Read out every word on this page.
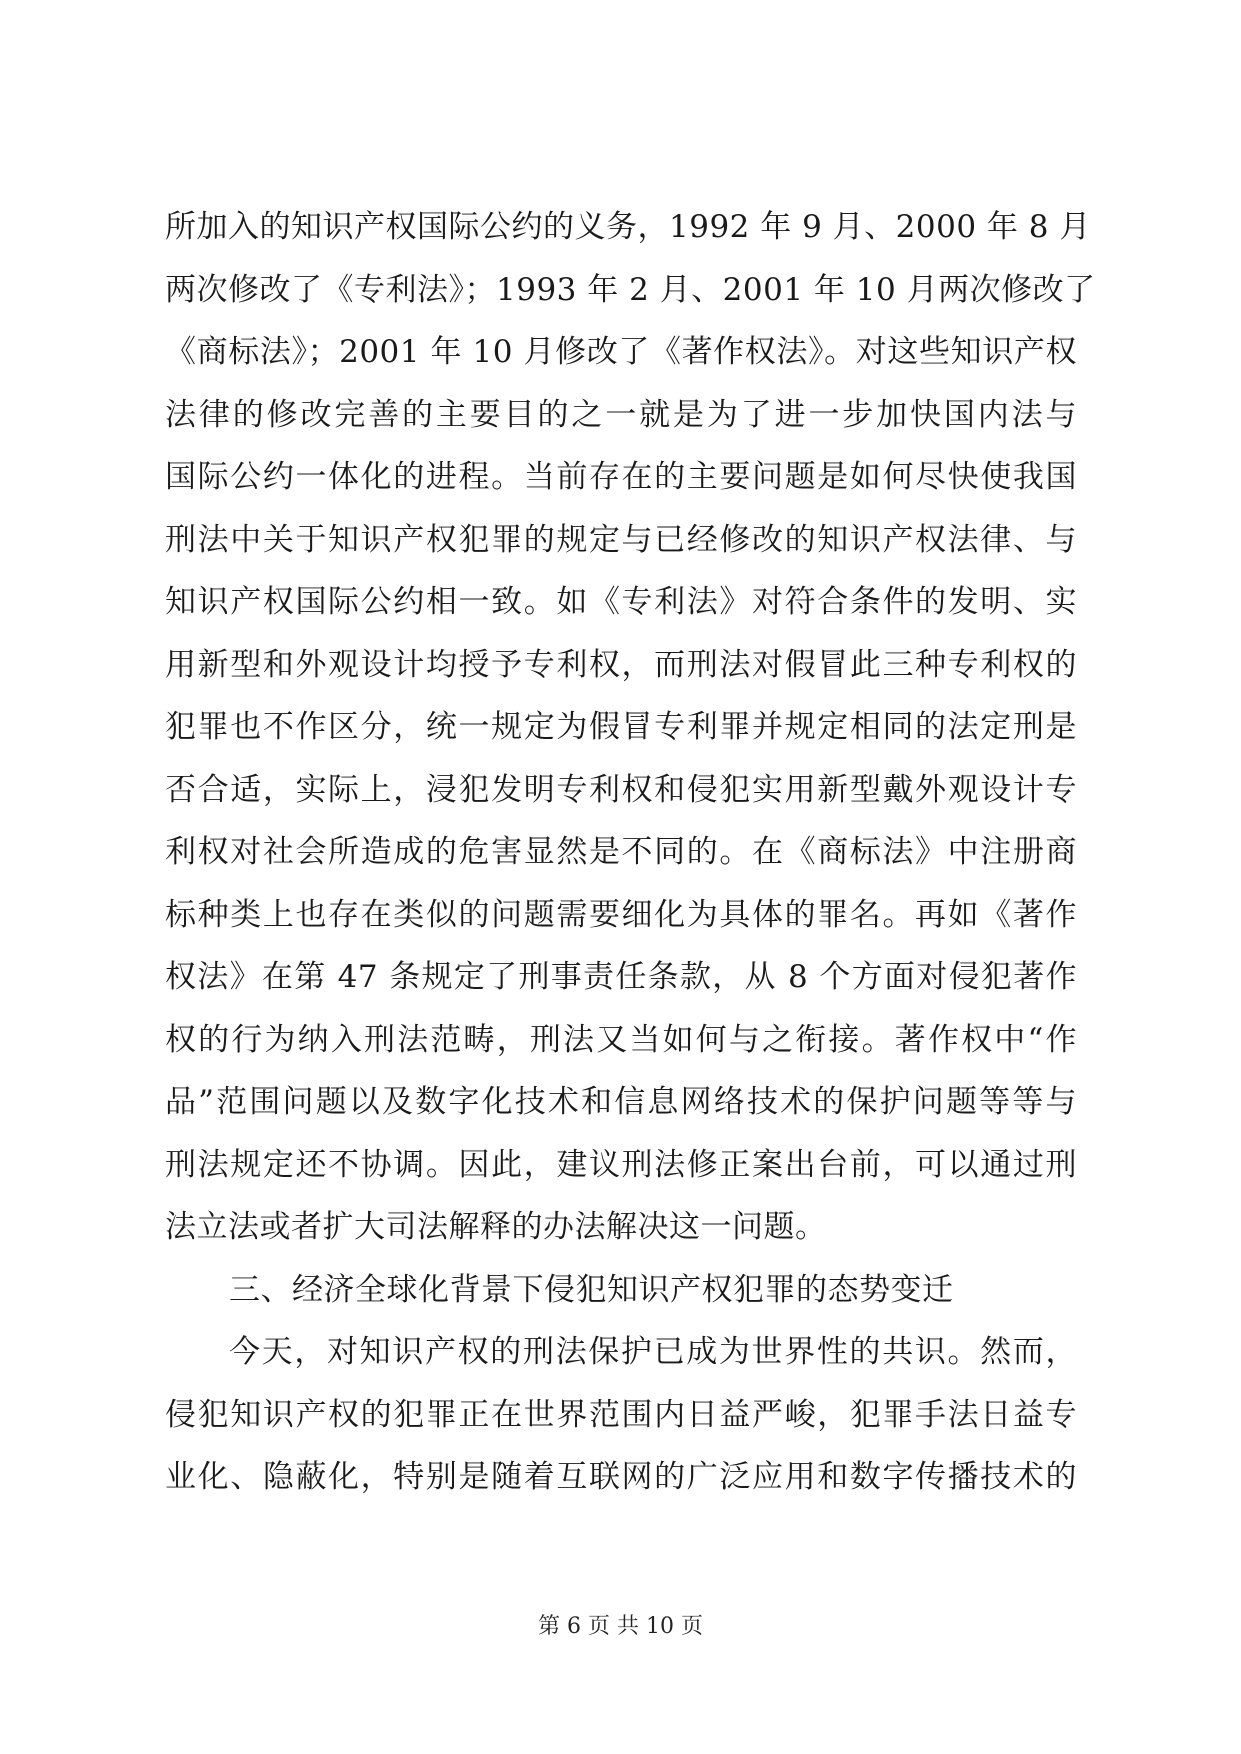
所加入的知识产权国际公约的义务，1992 年 9 月、2000 年 8 月
两次修改了《专利法》；1993 年 2 月、2001 年 10 月两次修改了
《商标法》；2001 年 10 月修改了《著作权法》。对这些知识产权
法律的修改完善的主要目的之一就是为了进一步加快国内法与
国际公约一体化的进程。当前存在的主要问题是如何尽快使我国
刑法中关于知识产权犯罪的规定与已经修改的知识产权法律、与
知识产权国际公约相一致。如《专利法》对符合条件的发明、实
用新型和外观设计均授予专利权，而刑法对假冒此三种专利权的
犯罪也不作区分，统一规定为假冒专利罪并规定相同的法定刑是
否合适，实际上，浸犯发明专利权和侵犯实用新型戴外观设计专
利权对社会所造成的危害显然是不同的。在《商标法》中注册商
标种类上也存在类似的问题需要细化为具体的罪名。再如《著作
权法》在第 47 条规定了刑事责任条款，从 8 个方面对侵犯著作
权的行为纳入刑法范畴，刑法又当如何与之衔接。著作权中“作
品”范围问题以及数字化技术和信息网络技术的保护问题等等与
刑法规定还不协调。因此，建议刑法修正案出台前，可以通过刑
法立法或者扩大司法解释的办法解决这一问题。
三、经济全球化背景下侵犯知识产权犯罪的态势变迁
今天，对知识产权的刑法保护已成为世界性的共识。然而，
侵犯知识产权的犯罪正在世界范围内日益严峻，犯罪手法日益专
业化、隐蔽化，特别是随着互联网的广泛应用和数字传播技术的
第 6 页 共 10 页
